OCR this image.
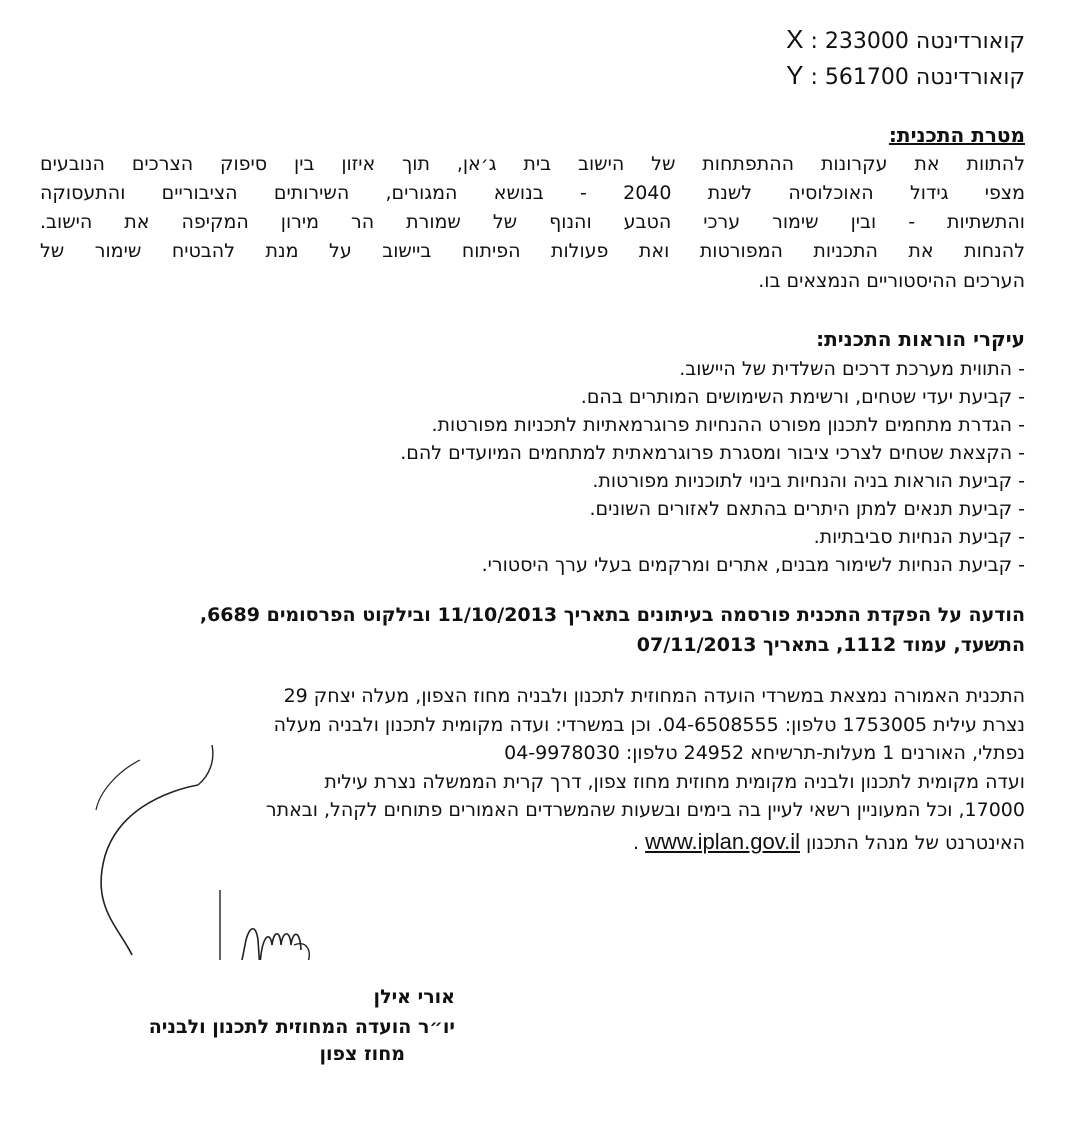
קואורדינטה X : 233000
קואורדינטה Y : 561700
מטרת התכנית:
להתוות את עקרונות ההתפתחות של הישוב בית ג׳אן, תוך איזון בין סיפוק הצרכים הנובעים
מצפי גידול האוכלוסיה לשנת 2040 - בנושא המגורים, השירותים הציבוריים והתעסוקה
והתשתיות - ובין שימור ערכי הטבע והנוף של שמורת הר מירון המקיפה את הישוב.
להנחות את התכניות המפורטות ואת פעולות הפיתוח ביישוב על מנת להבטיח שימור של
הערכים ההיסטוריים הנמצאים בו.
עיקרי הוראות התכנית:
- התווית מערכת דרכים השלדית של היישוב.
- קביעת יעדי שטחים, ורשימת השימושים המותרים בהם.
- הגדרת מתחמים לתכנון מפורט ההנחיות פרוגרמאתיות לתכניות מפורטות.
- הקצאת שטחים לצרכי ציבור ומסגרת פרוגרמאתית למתחמים המיועדים להם.
- קביעת הוראות בניה והנחיות בינוי לתוכניות מפורטות.
- קביעת תנאים למתן היתרים בהתאם לאזורים השונים.
- קביעת הנחיות סביבתיות.
- קביעת הנחיות לשימור מבנים, אתרים ומרקמים בעלי ערך היסטורי.
הודעה על הפקדת התכנית פורסמה בעיתונים בתאריך 11/10/2013 ובילקוט הפרסומים 6689,
התשעד, עמוד 1112, בתאריך 07/11/2013
התכנית האמורה נמצאת במשרדי הועדה המחוזית לתכנון ולבניה מחוז הצפון, מעלה יצחק 29
נצרת עילית 1753005 טלפון: 04-6508555. וכן במשרדי: ועדה מקומית לתכנון ולבניה מעלה
נפתלי, האורנים 1 מעלות-תרשיחא 24952 טלפון: 04-9978030
ועדה מקומית לתכנון ולבניה מקומית מחוזית מחוז צפון, דרך קרית הממשלה נצרת עילית
17000, וכל המעוניין רשאי לעיין בה בימים ובשעות שהמשרדים האמורים פתוחים לקהל, ובאתר
האינטרנט של מנהל התכנון www.iplan.gov.il .
אורי אילן
יו״ר הועדה המחוזית לתכנון ולבניה
מחוז צפון
